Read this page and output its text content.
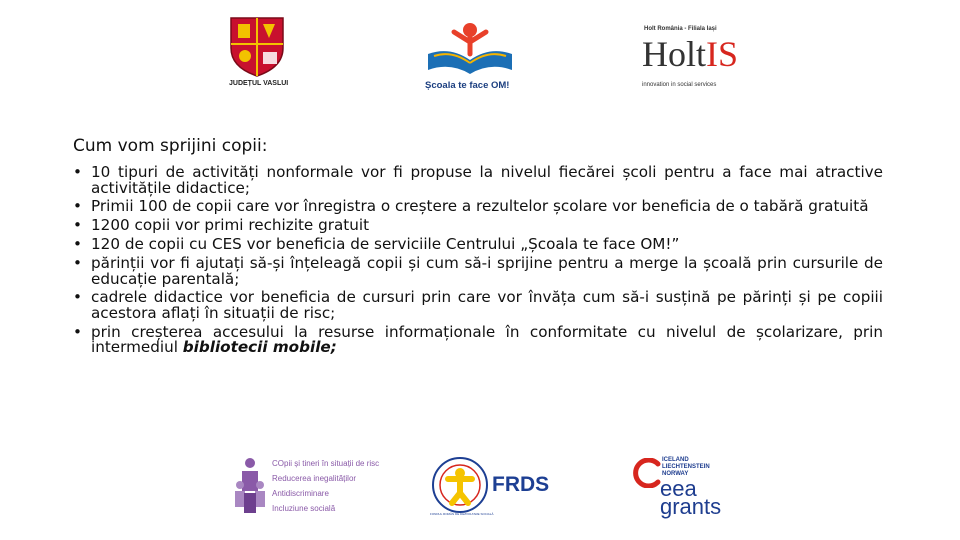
JUDEȚUL VASLUI	Școala te face OM!
Holt România - Filiala Iași
HoltIS
innovation in social services
Cum vom sprijini copii:
• 10 tipuri de activități nonformale vor fi propuse la nivelul fiecărei școli pentru a face mai atractive activitățile didactice;
• Primii 100 de copii care vor înregistra o creștere a rezultelor școlare vor beneficia de o tabără gratuită
• 1200 copii vor primi rechizite gratuit
• 120 de copii cu CES vor beneficia de serviciile Centrului „Școala te face OM!”
• părinții vor fi ajutați să-și înțeleagă copii și cum să-i sprijine pentru a merge la școală prin cursurile de educație parentală;
• cadrele didactice vor beneficia de cursuri prin care vor învăța cum să-i susțină pe părinți și pe copiii acestora aflați în situații de risc;
• prin creșterea accesului la resurse informaționale în conformitate cu nivelul de școlarizare, prin intermediul bibliotecii mobile;
COpii și tineri în situații de risc
Reducerea inegalităților
Antidiscriminare
Incluziune socială
FRDS
FONDUL ROMÂN DE DEZVOLTARE SOCIALĂ
ICELAND
LIECHTENSTEIN
NORWAY
eea
grants
